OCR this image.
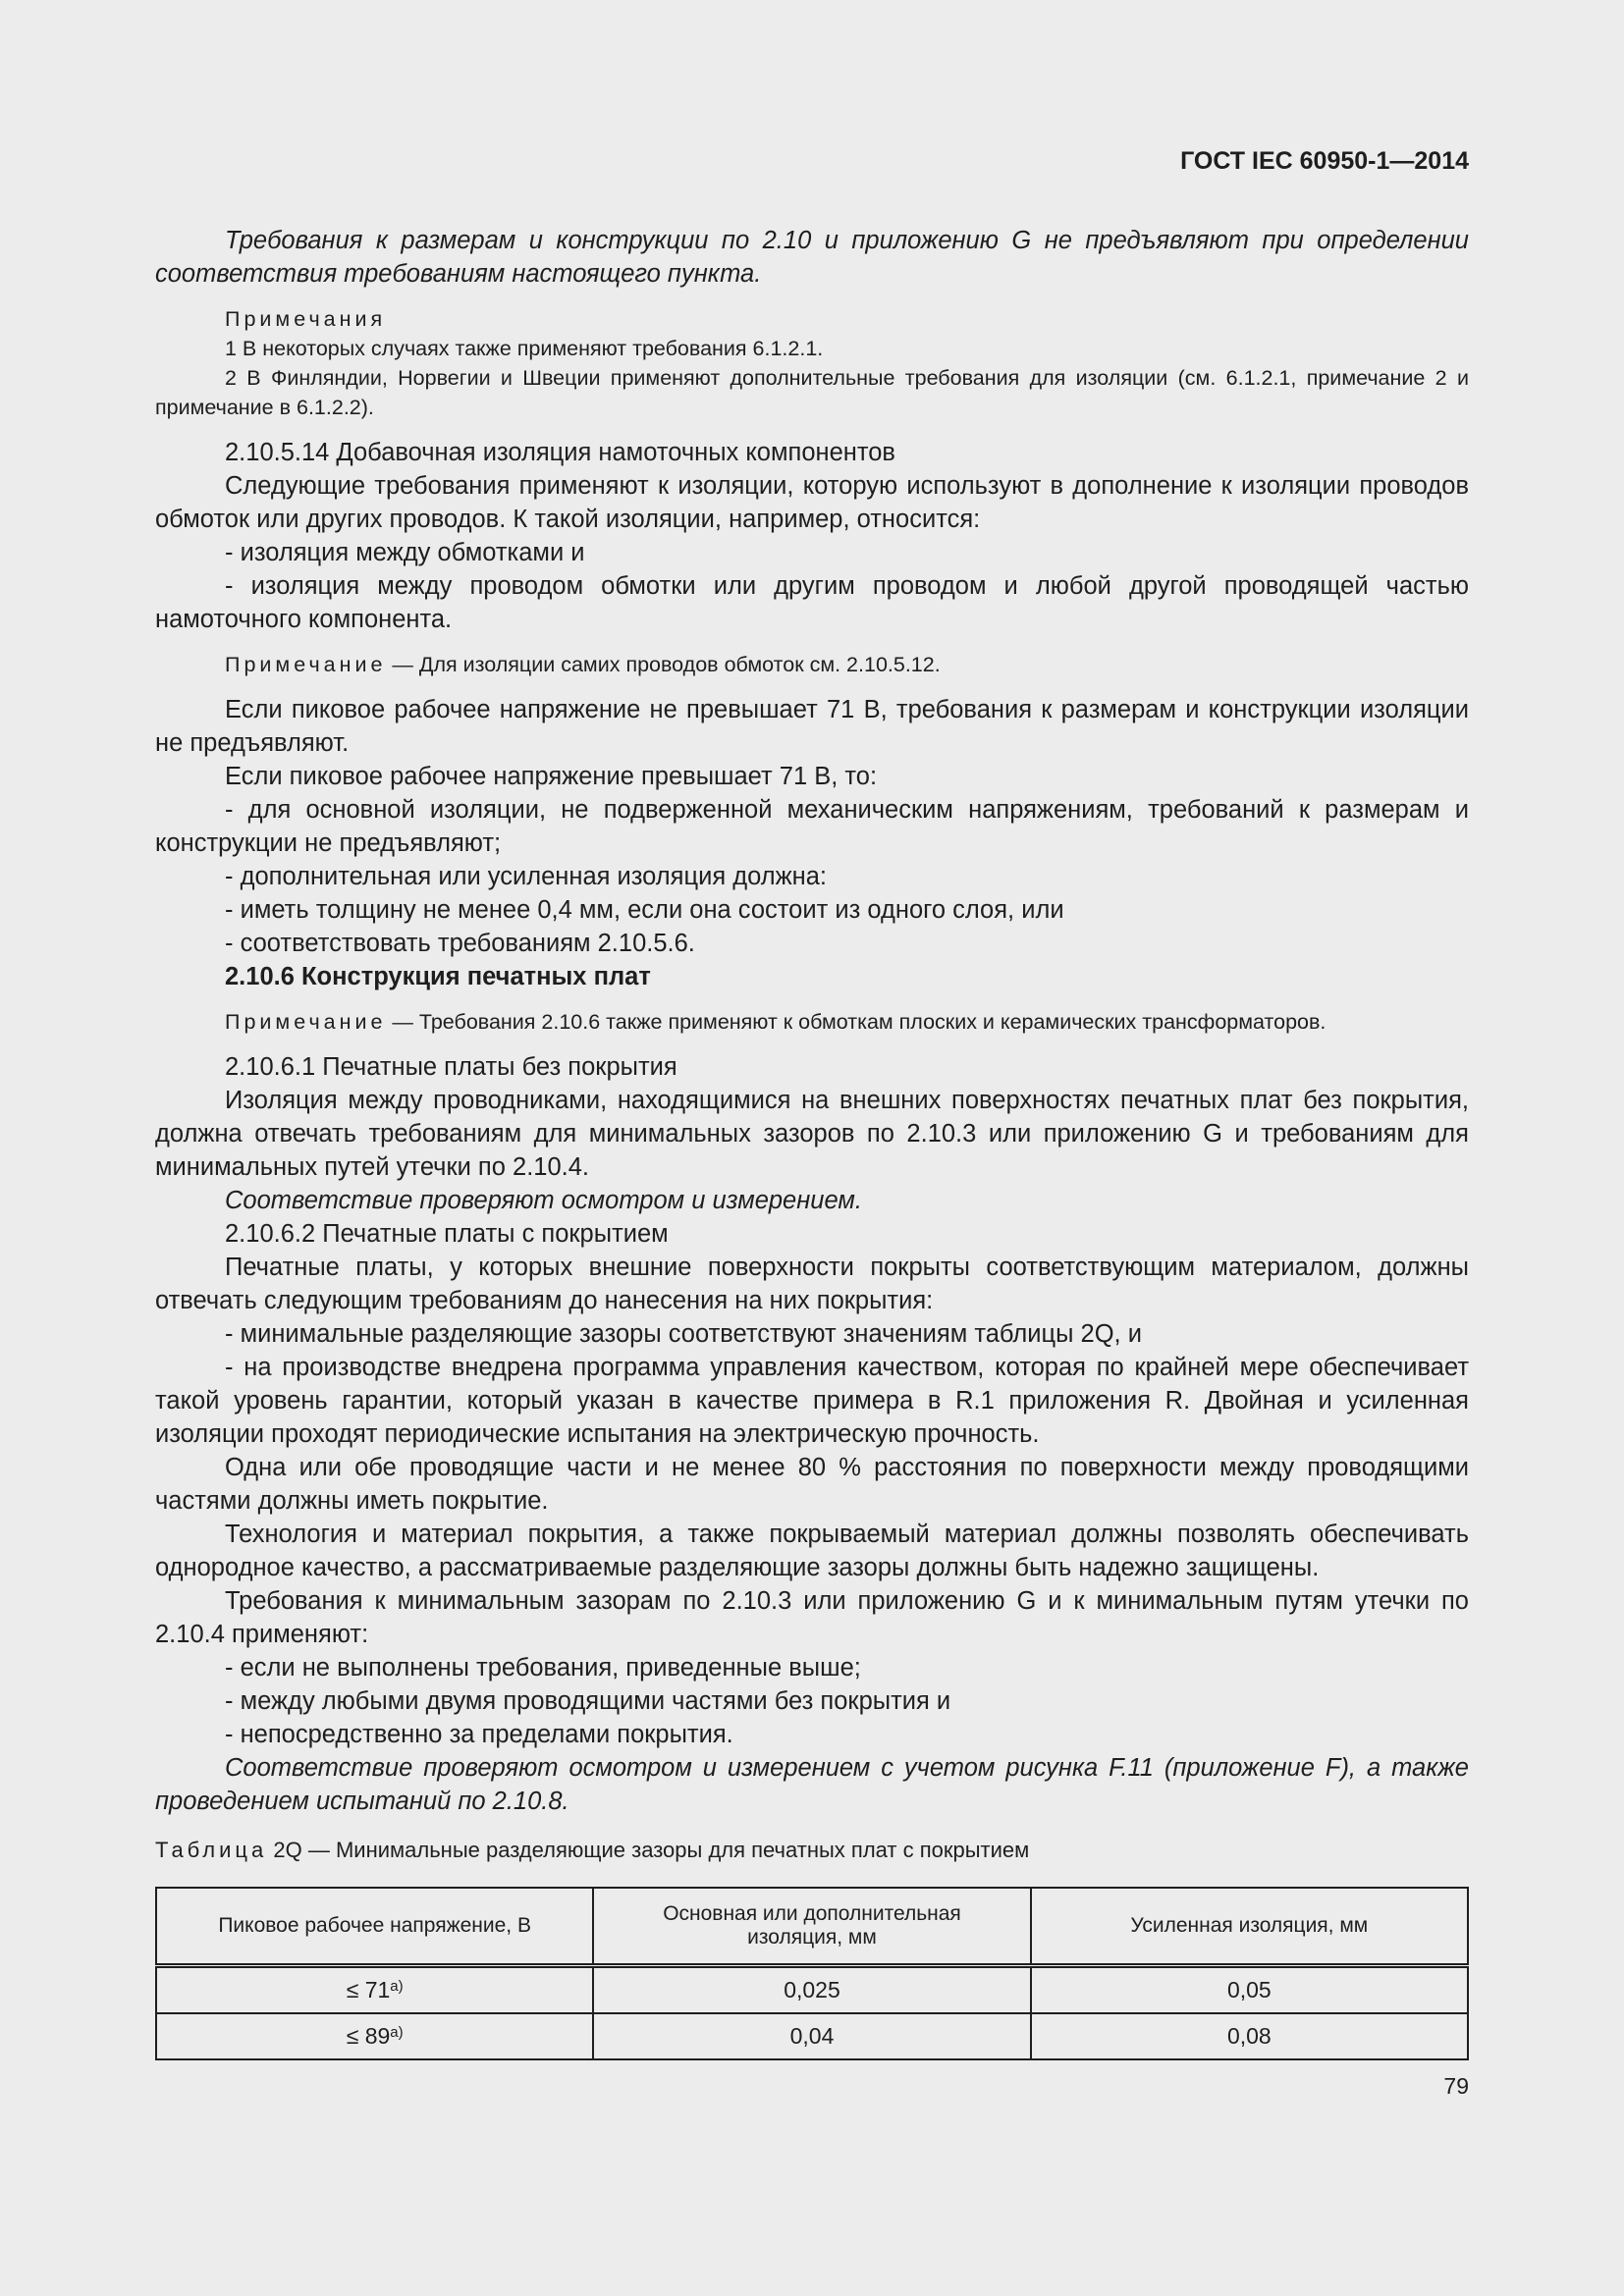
ГОСТ IEC 60950-1—2014

Требования к размерам и конструкции по 2.10 и приложению G не предъявляют при определении соответствия требованиям настоящего пункта.

Примечания

1 В некоторых случаях также применяют требования 6.1.2.1.

2 В Финляндии, Норвегии и Швеции применяют дополнительные требования для изоляции (см. 6.1.2.1, примечание 2 и примечание в 6.1.2.2).

2.10.5.14 Добавочная изоляция намоточных компонентов

Следующие требования применяют к изоляции, которую используют в дополнение к изоляции проводов обмоток или других проводов. К такой изоляции, например, относится:

- изоляция между обмотками и

- изоляция между проводом обмотки или другим проводом и любой другой проводящей частью намоточного компонента.

Примечание — Для изоляции самих проводов обмоток см. 2.10.5.12.

Если пиковое рабочее напряжение не превышает 71 В, требования к размерам и конструкции изоляции не предъявляют.

Если пиковое рабочее напряжение превышает 71 В, то:

- для основной изоляции, не подверженной механическим напряжениям, требований к размерам и конструкции не предъявляют;

- дополнительная или усиленная изоляция должна:

- иметь толщину не менее 0,4 мм, если она состоит из одного слоя, или

- соответствовать требованиям 2.10.5.6.

2.10.6 Конструкция печатных плат

Примечание — Требования 2.10.6 также применяют к обмоткам плоских и керамических трансформаторов.

2.10.6.1 Печатные платы без покрытия

Изоляция между проводниками, находящимися на внешних поверхностях печатных плат без покрытия, должна отвечать требованиям для минимальных зазоров по 2.10.3 или приложению G и требованиям для минимальных путей утечки по 2.10.4.

Соответствие проверяют осмотром и измерением.

2.10.6.2 Печатные платы с покрытием

Печатные платы, у которых внешние поверхности покрыты соответствующим материалом, должны отвечать следующим требованиям до нанесения на них покрытия:

- минимальные разделяющие зазоры соответствуют значениям таблицы 2Q, и

- на производстве внедрена программа управления качеством, которая по крайней мере обеспечивает такой уровень гарантии, который указан в качестве примера в R.1 приложения R. Двойная и усиленная изоляции проходят периодические испытания на электрическую прочность.

Одна или обе проводящие части и не менее 80 % расстояния по поверхности между проводящими частями должны иметь покрытие.

Технология и материал покрытия, а также покрываемый материал должны позволять обеспечивать однородное качество, а рассматриваемые разделяющие зазоры должны быть надежно защищены.

Требования к минимальным зазорам по 2.10.3 или приложению G и к минимальным путям утечки по 2.10.4 применяют:

- если не выполнены требования, приведенные выше;

- между любыми двумя проводящими частями без покрытия и

- непосредственно за пределами покрытия.

Соответствие проверяют осмотром и измерением с учетом рисунка F.11 (приложение F), а также проведением испытаний по 2.10.8.

Таблица 2Q — Минимальные разделяющие зазоры для печатных плат с покрытием

Пиковое рабочее напряжение, В	Основная или дополнительная изоляция, мм	Усиленная изоляция, мм
≤ $71^{а)}$	0,025	0,05
≤ $89^{а)}$	0,04	0,08
79
